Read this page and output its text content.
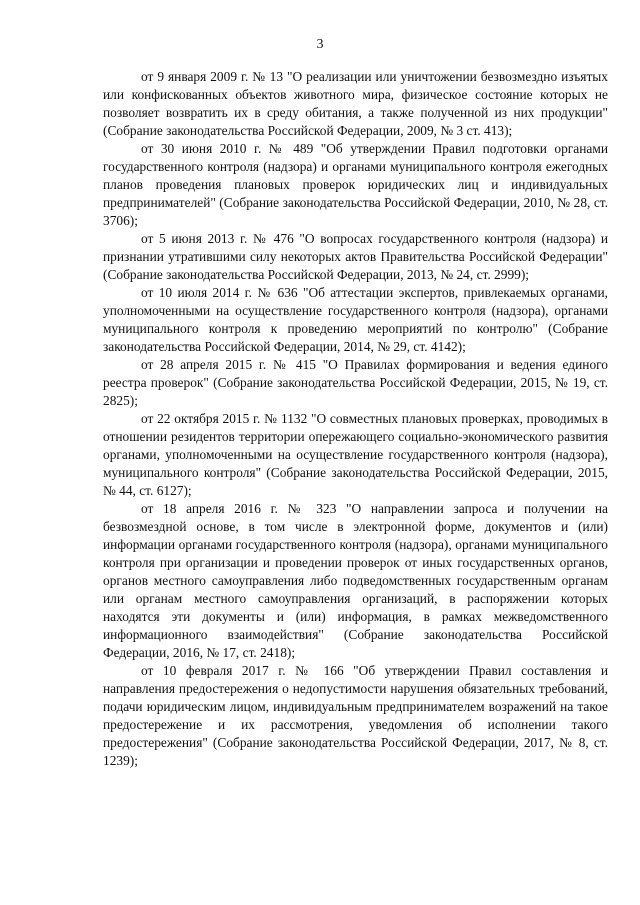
3

от 9 января 2009 г. № 13 "О реализации или уничтожении безвозмездно изъятых или конфискованных объектов животного мира, физическое состояние которых не позволяет возвратить их в среду обитания, а также полученной из них продукции" (Собрание законодательства Российской Федерации, 2009, № 3 ст. 413);

от 30 июня 2010 г. № 489 "Об утверждении Правил подготовки органами государственного контроля (надзора) и органами муниципального контроля ежегодных планов проведения плановых проверок юридических лиц и индивидуальных предпринимателей" (Собрание законодательства Российской Федерации, 2010, № 28, ст. 3706);

от 5 июня 2013 г. № 476 "О вопросах государственного контроля (надзора) и признании утратившими силу некоторых актов Правительства Российской Федерации" (Собрание законодательства Российской Федерации, 2013, № 24, ст. 2999);

от 10 июля 2014 г. № 636 "Об аттестации экспертов, привлекаемых органами, уполномоченными на осуществление государственного контроля (надзора), органами муниципального контроля к проведению мероприятий по контролю" (Собрание законодательства Российской Федерации, 2014, № 29, ст. 4142);

от 28 апреля 2015 г. № 415 "О Правилах формирования и ведения единого реестра проверок" (Собрание законодательства Российской Федерации, 2015, № 19, ст. 2825);

от 22 октября 2015 г. № 1132 "О совместных плановых проверках, проводимых в отношении резидентов территории опережающего социально-экономического развития органами, уполномоченными на осуществление государственного контроля (надзора), муниципального контроля" (Собрание законодательства Российской Федерации, 2015, № 44, ст. 6127);

от 18 апреля 2016 г. № 323 "О направлении запроса и получении на безвозмездной основе, в том числе в электронной форме, документов и (или) информации органами государственного контроля (надзора), органами муниципального контроля при организации и проведении проверок от иных государственных органов, органов местного самоуправления либо подведомственных государственным органам или органам местного самоуправления организаций, в распоряжении которых находятся эти документы и (или) информация, в рамках межведомственного информационного взаимодействия" (Собрание законодательства Российской Федерации, 2016, № 17, ст. 2418);

от 10 февраля 2017 г. № 166 "Об утверждении Правил составления и направления предостережения о недопустимости нарушения обязательных требований, подачи юридическим лицом, индивидуальным предпринимателем возражений на такое предостережение и их рассмотрения, уведомления об исполнении такого предостережения" (Собрание законодательства Российской Федерации, 2017, № 8, ст. 1239);
